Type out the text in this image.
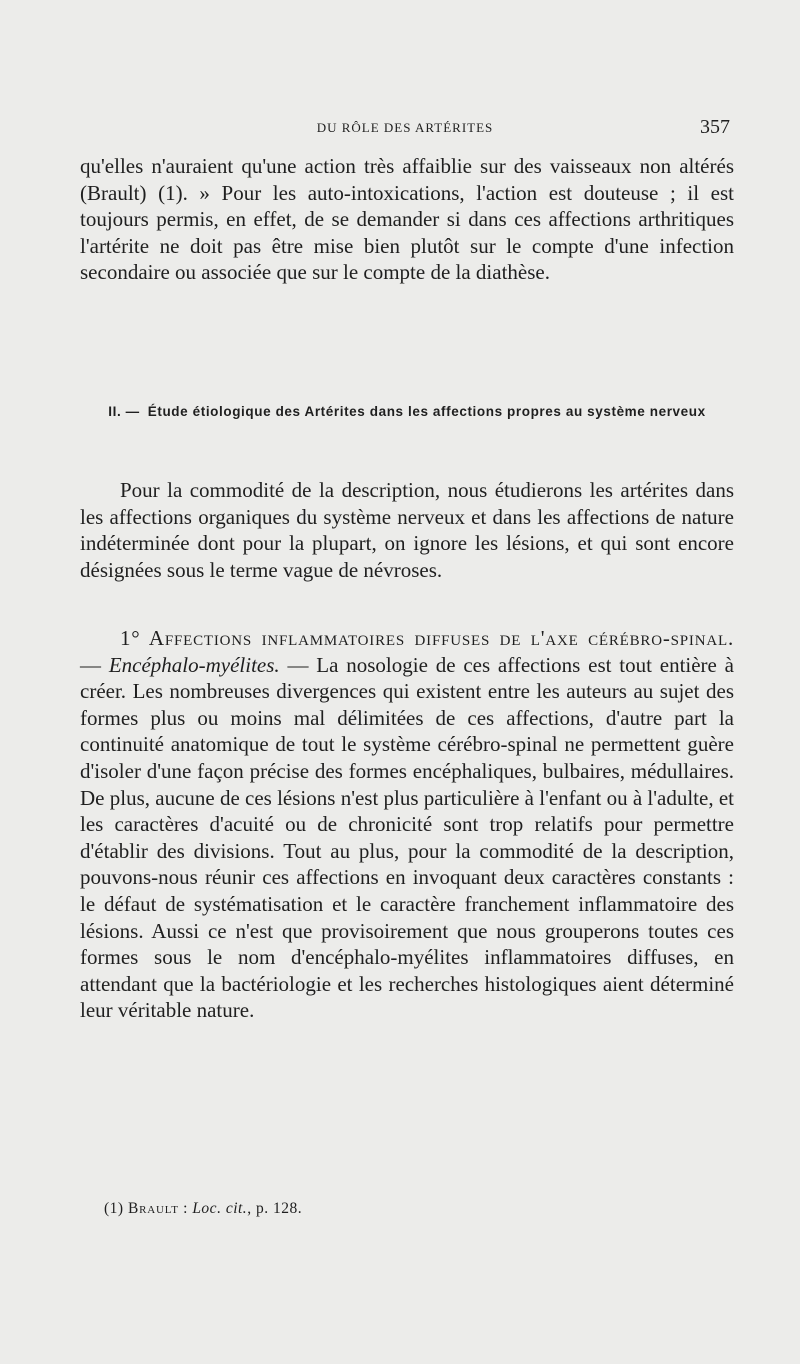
DU RÔLE DES ARTÉRITES	357
qu'elles n'auraient qu'une action très affaiblie sur des vaisseaux non altérés (Brault) (1). » Pour les auto-intoxications, l'action est douteuse ; il est toujours permis, en effet, de se demander si dans ces affections arthritiques l'artérite ne doit pas être mise bien plutôt sur le compte d'une infection secondaire ou associée que sur le compte de la diathèse.
II. — Étude étiologique des Artérites dans les affections propres au système nerveux
Pour la commodité de la description, nous étudierons les artérites dans les affections organiques du système nerveux et dans les affections de nature indéterminée dont pour la plupart, on ignore les lésions, et qui sont encore désignées sous le terme vague de névroses.
1° Affections inflammatoires diffuses de l'axe cérébro-spinal. — Encéphalo-myélites. — La nosologie de ces affections est tout entière à créer. Les nombreuses divergences qui existent entre les auteurs au sujet des formes plus ou moins mal délimitées de ces affections, d'autre part la continuité anatomique de tout le système cérébro-spinal ne permettent guère d'isoler d'une façon précise des formes encéphaliques, bulbaires, médullaires. De plus, aucune de ces lésions n'est plus particulière à l'enfant ou à l'adulte, et les caractères d'acuité ou de chronicité sont trop relatifs pour permettre d'établir des divisions. Tout au plus, pour la commodité de la description, pouvons-nous réunir ces affections en invoquant deux caractères constants : le défaut de systématisation et le caractère franchement inflammatoire des lésions. Aussi ce n'est que provisoirement que nous grouperons toutes ces formes sous le nom d'encéphalo-myélites inflammatoires diffuses, en attendant que la bactériologie et les recherches histologiques aient déterminé leur véritable nature.
(1) Brault : Loc. cit., p. 128.
